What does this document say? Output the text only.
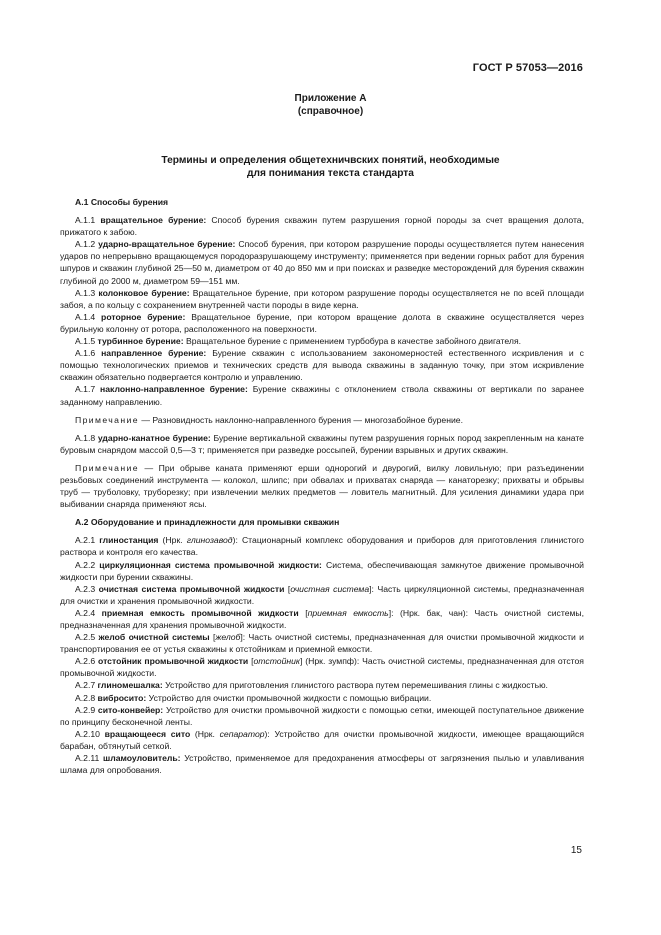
ГОСТ Р 57053—2016
Приложение А
(справочное)
Термины и определения общетехничвских понятий, необходимые
для понимания текста стандарта
А.1 Способы бурения

А.1.1 вращательное бурение: Способ бурения скважин путем разрушения горной породы за счет вращения долота, прижатого к забою.

А.1.2 ударно-вращательное бурение: Способ бурения, при котором разрушение породы осуществляется путем нанесения ударов по непрерывно вращающемуся породоразрушающему инструменту; применяется при ведении горных работ для бурения шпуров и скважин глубиной 25—50 м, диаметром от 40 до 850 мм и при поисках и разведке месторождений для бурения скважин глубиной до 2000 м, диаметром 59—151 мм.

А.1.3 колонковое бурение: Вращательное бурение, при котором разрушение породы осуществляется не по всей площади забоя, а по кольцу с сохранением внутренней части породы в виде керна.

А.1.4 роторное бурение: Вращательное бурение, при котором вращение долота в скважине осуществляется через бурильную колонну от ротора, расположенного на поверхности.

А.1.5 турбинное бурение: Вращательное бурение с применением турбобура в качестве забойного двигателя.

А.1.6 направленное бурение: Бурение скважин с использованием закономерностей естественного искривления и с помощью технологических приемов и технических средств для вывода скважины в заданную точку, при этом искривление скважин обязательно подвергается контролю и управлению.

А.1.7 наклонно-направленное бурение: Бурение скважины с отклонением ствола скважины от вертикали по заранее заданному направлению.

Примечание — Разновидность наклонно-направленного бурения — многозабойное бурение.

А.1.8 ударно-канатное бурение: Бурение вертикальной скважины путем разрушения горных пород закрепленным на канате буровым снарядом массой 0,5—3 т; применяется при разведке россыпей, бурении взрывных и других скважин.

Примечание — При обрыве каната применяют ерши однорогий и двурогий, вилку ловильную; при разъединении резьбовых соединений инструмента — колокол, шлипс; при обвалах и прихватах снаряда — канаторезку; прихваты и обрывы труб — труболовку, труборезку; при извлечении мелких предметов — ловитель магнитный. Для усиления динамики удара при выбивании снаряда применяют ясы.

А.2 Оборудование и принадлежности для промывки скважин

А.2.1 глиностанция (Нрк. глинозавод): Стационарный комплекс оборудования и приборов для приготовления глинистого раствора и контроля его качества.

А.2.2 циркуляционная система промывочной жидкости: Система, обеспечивающая замкнутое движение промывочной жидкости при бурении скважины.

А.2.3 очистная система промывочной жидкости [очистная система]: Часть циркуляционной системы, предназначенная для очистки и хранения промывочной жидкости.

А.2.4 приемная емкость промывочной жидкости [приемная емкость]: (Нрк. бак, чан): Часть очистной системы, предназначенная для хранения промывочной жидкости.

А.2.5 желоб очистной системы [желоб]: Часть очистной системы, предназначенная для очистки промывочной жидкости и транспортирования ее от устья скважины к отстойникам и приемной емкости.

А.2.6 отстойник промывочной жидкости [отстойник] (Нрк. зумпф): Часть очистной системы, предназначенная для отстоя промывочной жидкости.

А.2.7 глиномешалка: Устройство для приготовления глинистого раствора путем перемешивания глины с жидкостью.

А.2.8 вибросито: Устройство для очистки промывочной жидкости с помощью вибрации.

А.2.9 сито-конвейер: Устройство для очистки промывочной жидкости с помощью сетки, имеющей поступательное движение по принципу бесконечной ленты.

А.2.10 вращающееся сито (Нрк. сепаратор): Устройство для очистки промывочной жидкости, имеющее вращающийся барабан, обтянутый сеткой.

А.2.11 шламоуловитель: Устройство, применяемое для предохранения атмосферы от загрязнения пылью и улавливания шлама для опробования.

15
